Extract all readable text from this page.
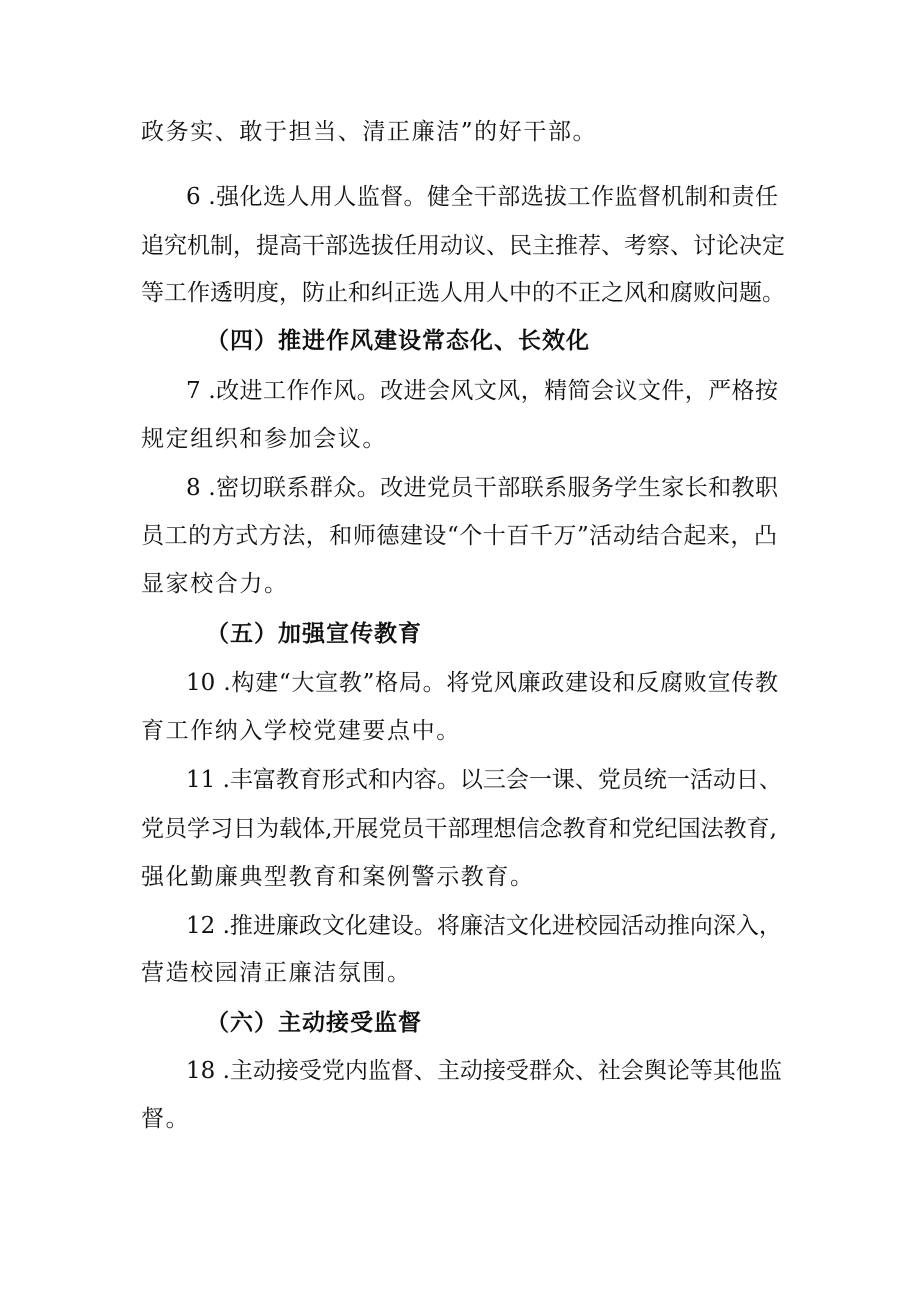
政务实、敢于担当、清正廉洁”的好干部。
6 .强化选人用人监督。健全干部选拔工作监督机制和责任
追究机制，提高干部选拔任用动议、民主推荐、考察、讨论决定
等工作透明度，防止和纠正选人用人中的不正之风和腐败问题。
（四）推进作风建设常态化、长效化
7 .改进工作作风。改进会风文风，精简会议文件，严格按
规定组织和参加会议。
8 .密切联系群众。改进党员干部联系服务学生家长和教职
员工的方式方法，和师德建设“个十百千万”活动结合起来，凸
显家校合力。
（五）加强宣传教育
10 .构建“大宣教”格局。将党风廉政建设和反腐败宣传教
育工作纳入学校党建要点中。
11 .丰富教育形式和内容。以三会一课、党员统一活动日、
党员学习日为载体,开展党员干部理想信念教育和党纪国法教育,
强化勤廉典型教育和案例警示教育。
12 .推进廉政文化建设。将廉洁文化进校园活动推向深入，
营造校园清正廉洁氛围。
（六）主动接受监督
18 .主动接受党内监督、主动接受群众、社会舆论等其他监
督。
